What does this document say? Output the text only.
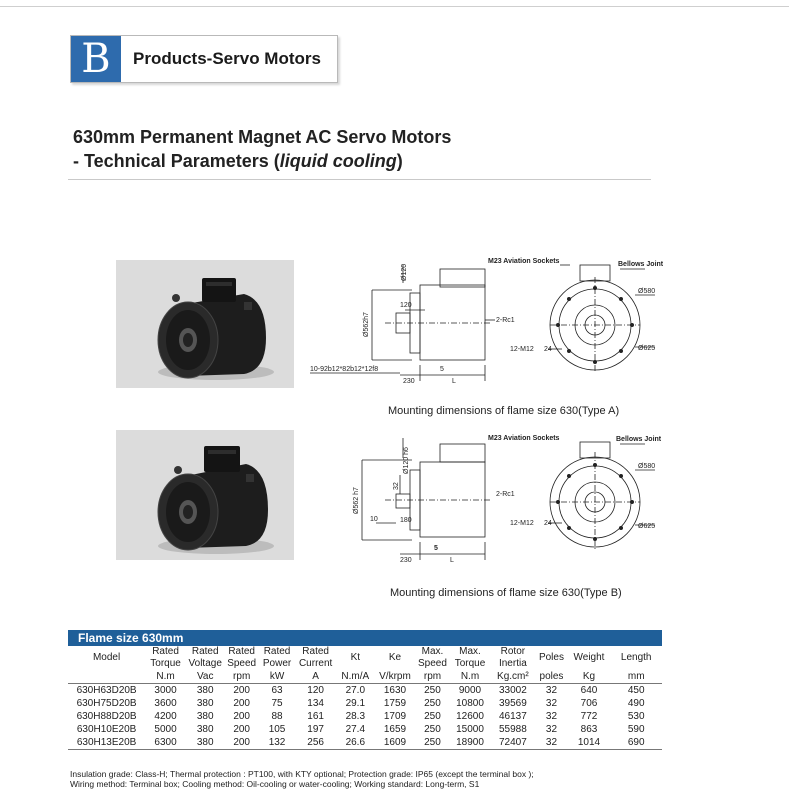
B	Products-Servo Motors
630mm Permanent Magnet AC Servo Motors
- Technical Parameters (liquid cooling)
M23 Aviation Sockets	Bellows Joint
Ø120
Ø562h7
120
2-Rc1
10-92b12*82b12*12f8
230
5
L
Ø580
Ø625
12-M12 24
Mounting dimensions of flame size 630(Type A)
M23 Aviation Sockets	Bellows Joint
Ø120 h6
Ø562 h7
32
10	180
2-Rc1
230
5
L
Ø580
Ø625
12-M12 24
Mounting dimensions of flame size 630(Type B)
Flame size 630mm
Model	Rated	Rated	Rated	Rated	Rated	Kt	Ke	Max.	Max.	Rotor	Poles	Weight	Length
	Torque	Voltage	Speed	Power	Current			Speed	Torque	Inertia			
	N.m	Vac	rpm	kW	A	N.m/A	V/krpm	rpm	N.m	Kg.cm²	poles	Kg	mm
630H63D20B	3000	380	200	63	120	27.0	1630	250	9000	33002	32	640	450
630H75D20B	3600	380	200	75	134	29.1	1759	250	10800	39569	32	706	490
630H88D20B	4200	380	200	88	161	28.3	1709	250	12600	46137	32	772	530
630H10E20B	5000	380	200	105	197	27.4	1659	250	15000	55988	32	863	590
630H13E20B	6300	380	200	132	256	26.6	1609	250	18900	72407	32	1014	690
Insulation grade: Class-H; Thermal protection : PT100, with KTY optional; Protection grade: IP65 (except the terminal box );
Wiring method: Terminal box; Cooling method: Oil-cooling or water-cooling; Working standard: Long-term, S1
